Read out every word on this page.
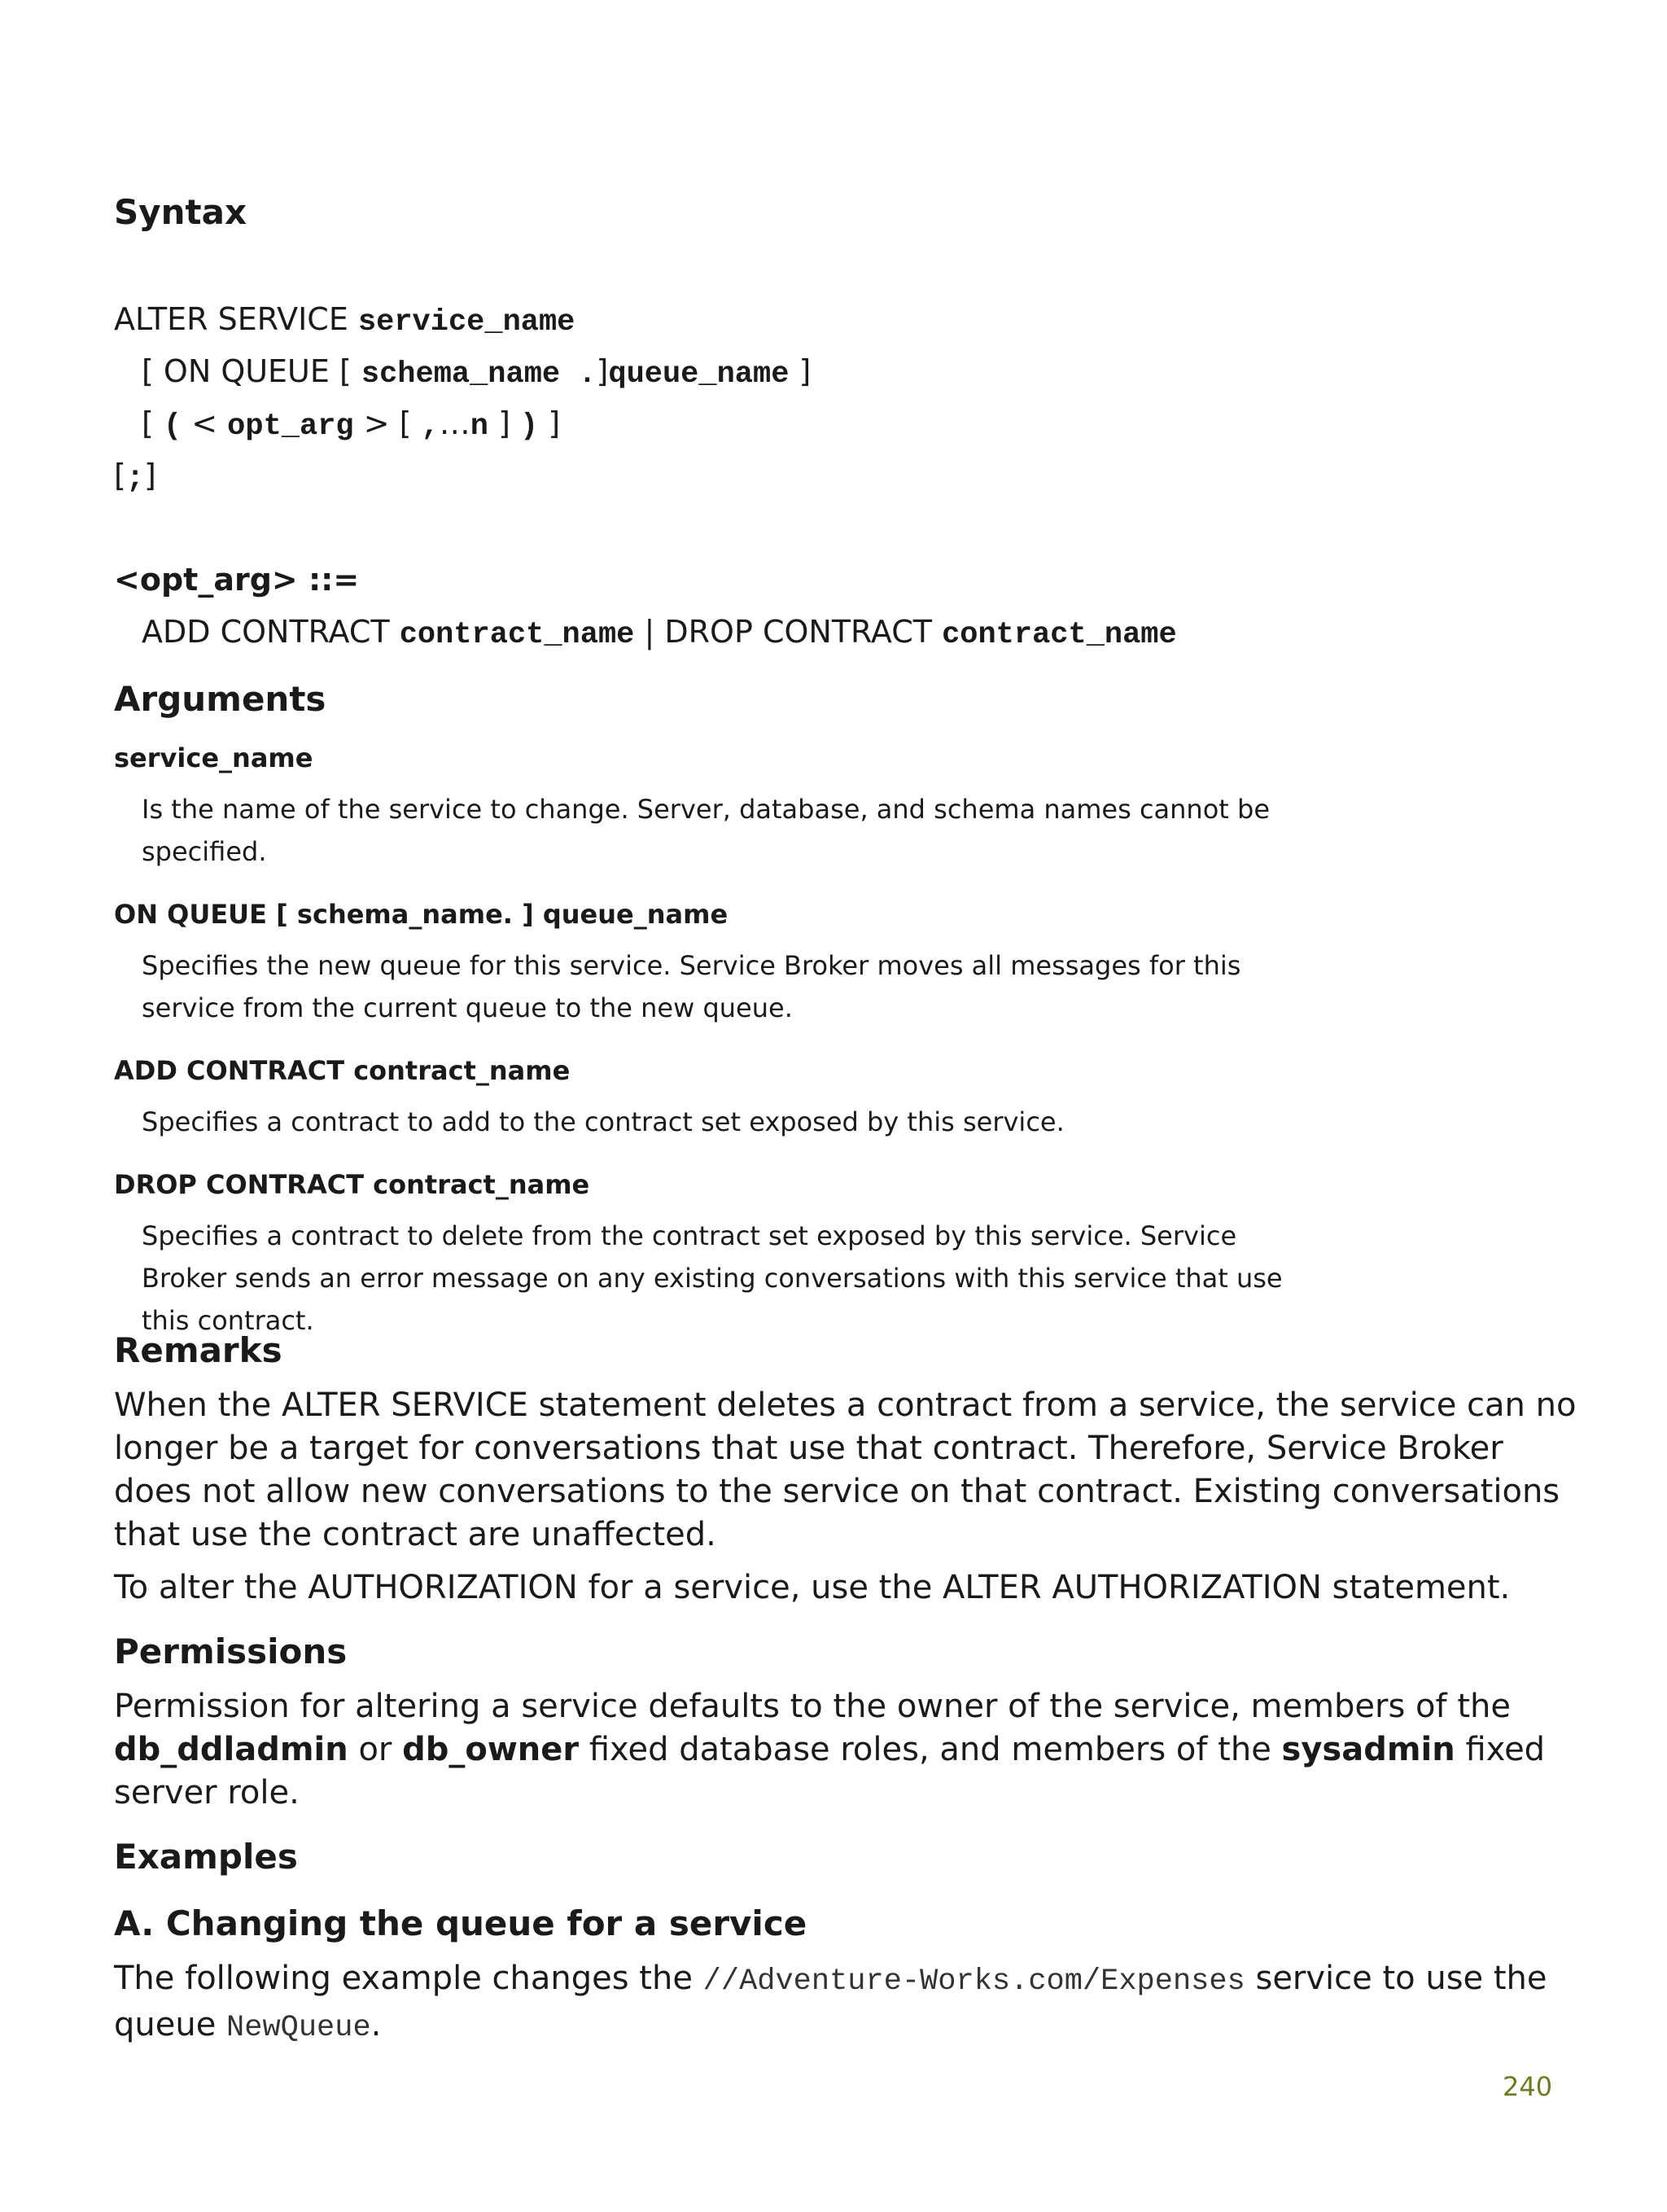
Syntax
ALTER SERVICE service_name
[ ON QUEUE [ schema_name .]queue_name ]
[ ( < opt_arg > [ ,…n ] ) ]
[;]
<opt_arg> ::=
ADD CONTRACT contract_name | DROP CONTRACT contract_name
Arguments
service_name
Is the name of the service to change. Server, database, and schema names cannot be specified.
ON QUEUE [ schema_name. ] queue_name
Specifies the new queue for this service. Service Broker moves all messages for this service from the current queue to the new queue.
ADD CONTRACT contract_name
Specifies a contract to add to the contract set exposed by this service.
DROP CONTRACT contract_name
Specifies a contract to delete from the contract set exposed by this service. Service Broker sends an error message on any existing conversations with this service that use this contract.
Remarks
When the ALTER SERVICE statement deletes a contract from a service, the service can no longer be a target for conversations that use that contract. Therefore, Service Broker does not allow new conversations to the service on that contract. Existing conversations that use the contract are unaffected.
To alter the AUTHORIZATION for a service, use the ALTER AUTHORIZATION statement.
Permissions
Permission for altering a service defaults to the owner of the service, members of the db_ddladmin or db_owner fixed database roles, and members of the sysadmin fixed server role.
Examples
A. Changing the queue for a service
The following example changes the //Adventure-Works.com/Expenses service to use the queue NewQueue.
240
